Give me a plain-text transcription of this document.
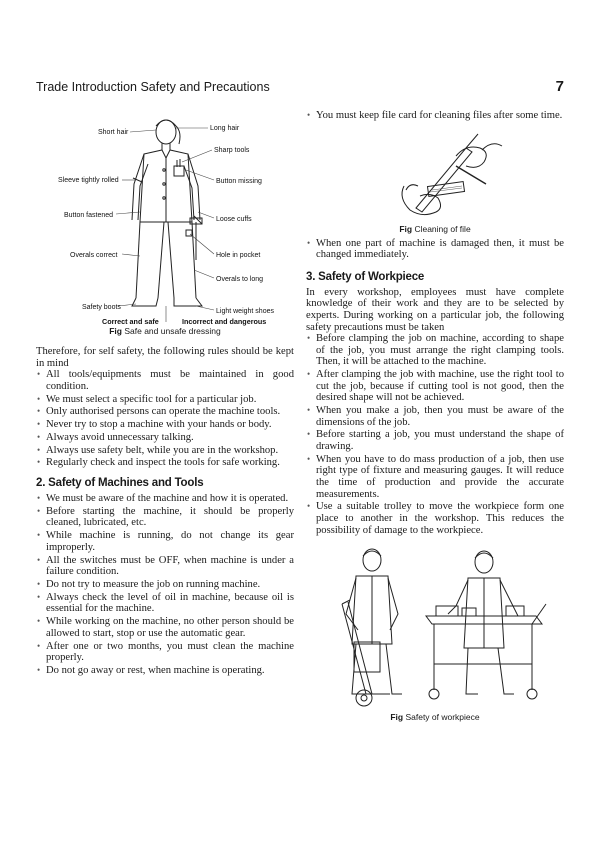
Trade Introduction Safety and Precautions	7
Short hair
Long hair
Sharp tools
Sleeve tightly rolled	Button missing
Button fastened
Loose cuffs
Overals correct	Hole in pocket
Overals to long
Safety boots
Light weight shoes
Correct and safe	Incorrect and dangerous
Fig Safe and unsafe dressing

Therefore, for self safety, the following rules should be kept in mind

• All tools/equipments must be maintained in good condition.
• We must select a specific tool for a particular job.
• Only authorised persons can operate the machine tools.
• Never try to stop a machine with your hands or body.
• Always avoid unnecessary talking.
• Always use safety belt, while you are in the workshop.
• Regularly check and inspect the tools for safe working.
2. Safety of Machines and Tools
• We must be aware of the machine and how it is operated.
• Before starting the machine, it should be properly cleaned, lubricated, etc.
• While machine is running, do not change its gear improperly.
• All the switches must be OFF, when machine is under a failure condition.
• Do not try to measure the job on running machine.
• Always check the level of oil in machine, because oil is essential for the machine.
• While working on the machine, no other person should be allowed to start, stop or use the automatic gear.
• After one or two months, you must clean the machine properly.
• Do not go away or rest, when machine is operating.
• You must keep file card for cleaning files after some time.
Fig Cleaning of file
• When one part of machine is damaged then, it must be changed immediately.
3. Safety of Workpiece

In every workshop, employees must have complete knowledge of their work and they are to be selected by experts. During working on a particular job, the following safety precautions must be taken

• Before clamping the job on machine, according to shape of the job, you must arrange the right clamping tools. Then, it will be attached to the machine.
• After clamping the job with machine, use the right tool to cut the job, because if cutting tool is not good, then the desired shape will not be achieved.
• When you make a job, then you must be aware of the dimensions of the job.
• Before starting a job, you must understand the shape of drawing.
• When you have to do mass production of a job, then use right type of fixture and measuring gauges. It will reduce the time of production and provide the accurate measurements.
• Use a suitable trolley to move the workpiece form one place to another in the workshop. This reduces the possibility of damage to the workpiece.
Fig Safety of workpiece
